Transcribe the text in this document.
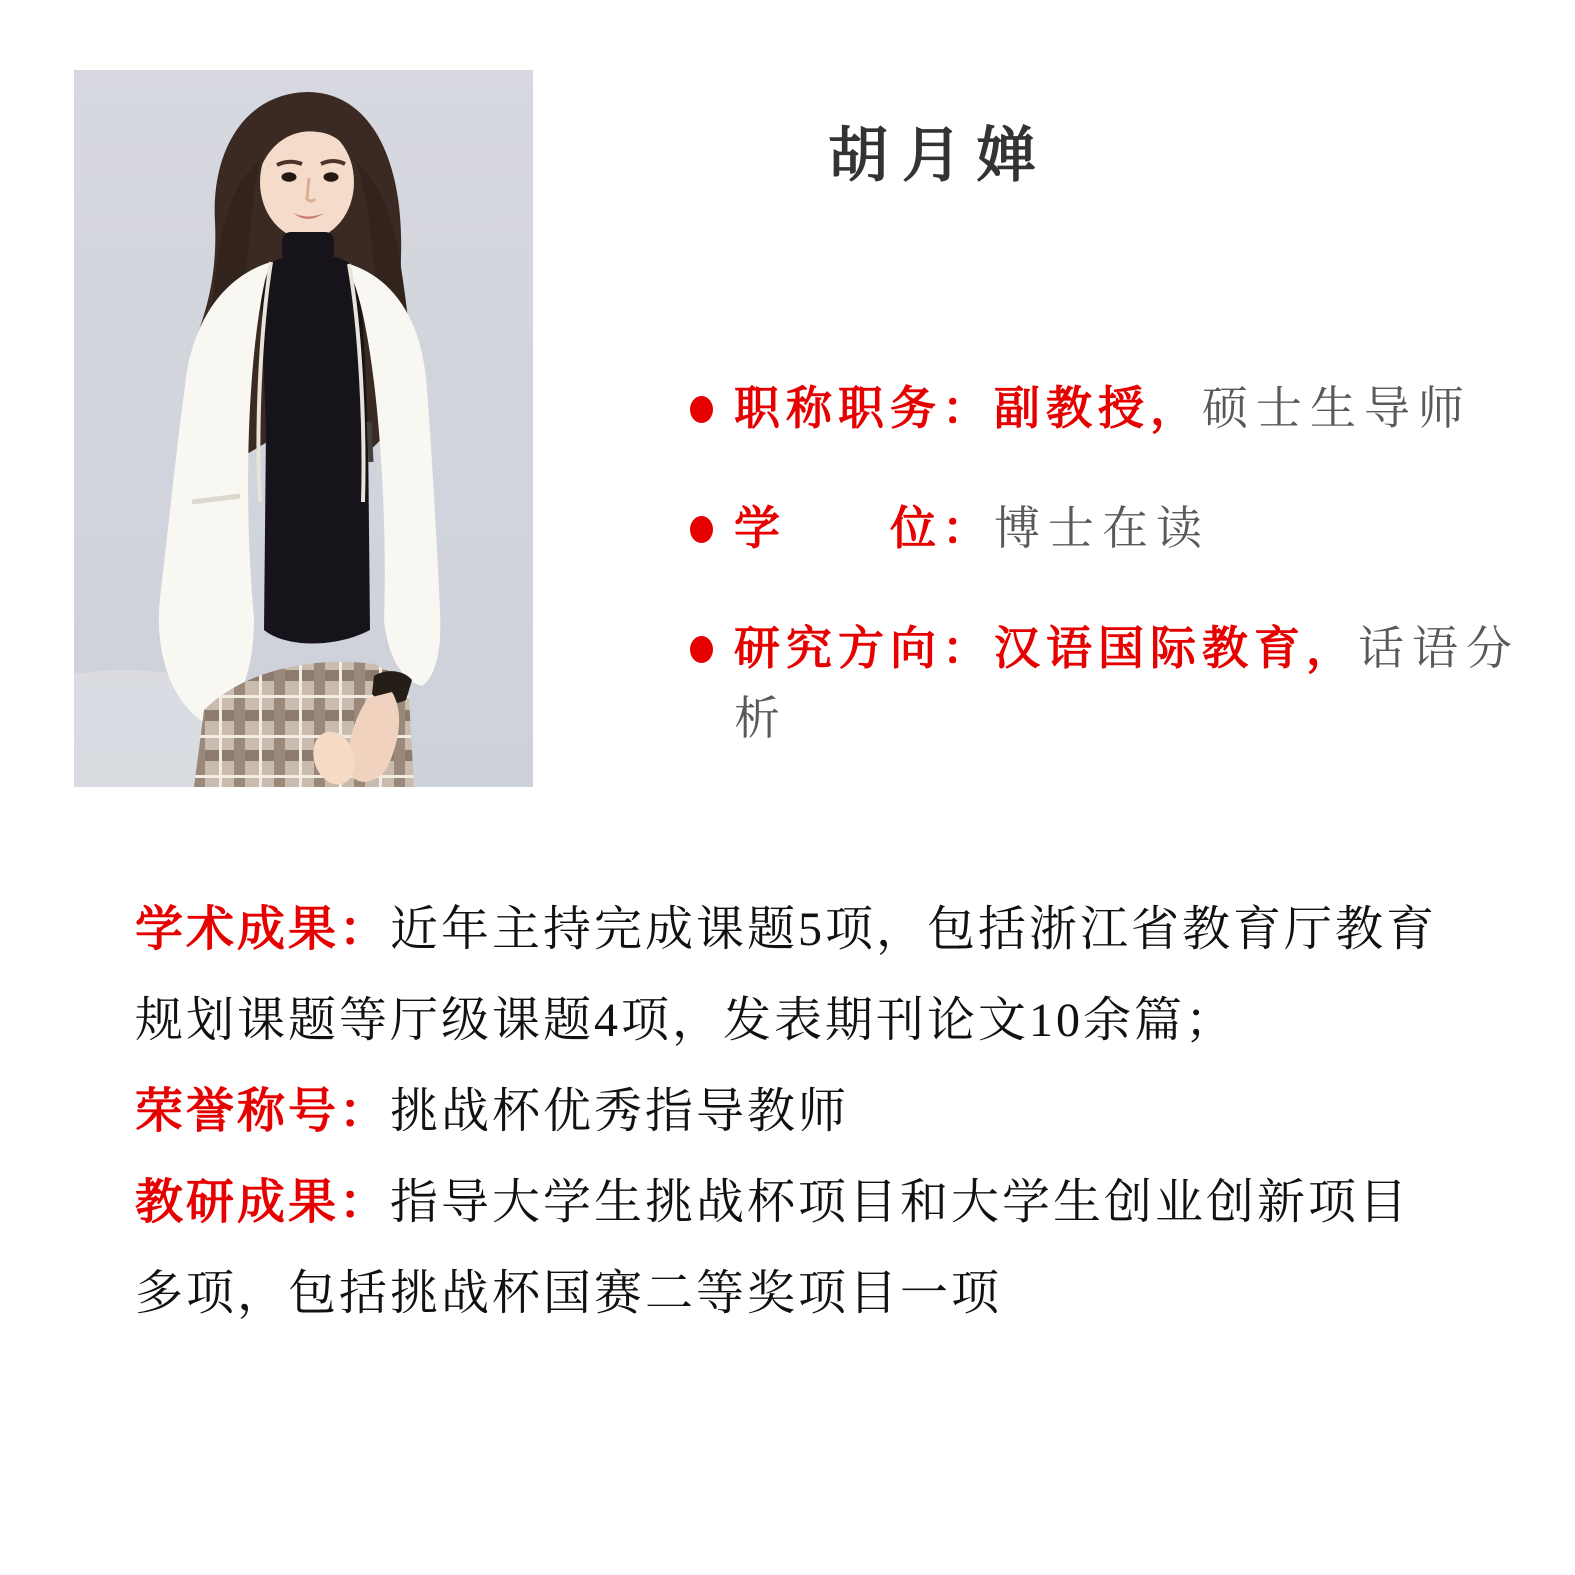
胡月婵
职称职务：副教授，硕士生导师
学　　位：博士在读
研究方向：汉语国际教育，话语分
析
学术成果：近年主持完成课题5项，包括浙江省教育厅教育
规划课题等厅级课题4项，发表期刊论文10余篇；
荣誉称号：挑战杯优秀指导教师
教研成果：指导大学生挑战杯项目和大学生创业创新项目
多项，包括挑战杯国赛二等奖项目一项
